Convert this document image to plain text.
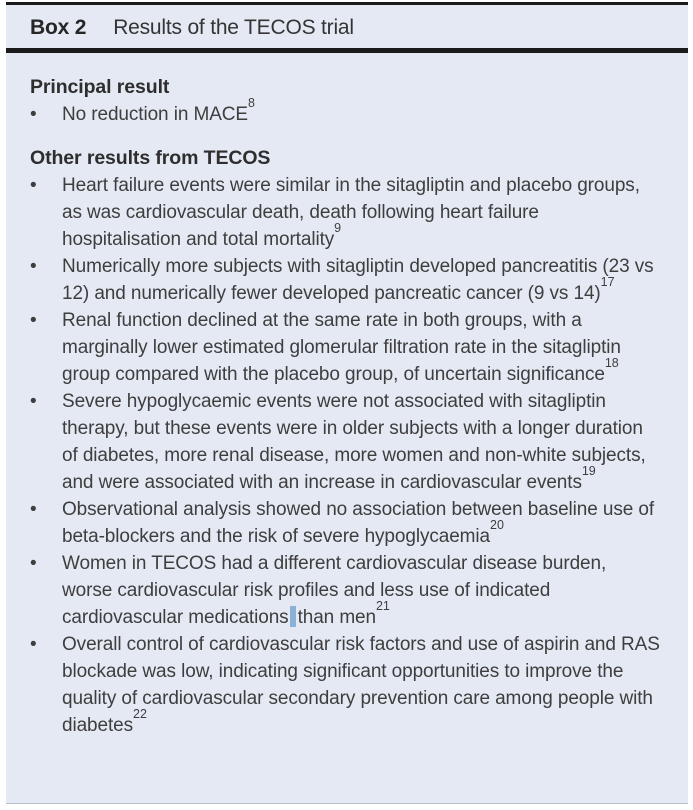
Box 2 Results of the TECOS trial
Principal result
•	No reduction in MACE$^8$
Other results from TECOS
•	Heart failure events were similar in the sitagliptin and placebo groups, as was cardiovascular death, death following heart failure hospitalisation and total mortality$^9$
•	Numerically more subjects with sitagliptin developed pancreatitis (23 vs 12) and numerically fewer developed pancreatic cancer (9 vs 14)$^{17}$
•	Renal function declined at the same rate in both groups, with a marginally lower estimated glomerular filtration rate in the sitagliptin group compared with the placebo group, of uncertain significance$^{18}$
•	Severe hypoglycaemic events were not associated with sitagliptin therapy, but these events were in older subjects with a longer duration of diabetes, more renal disease, more women and non-white subjects, and were associated with an increase in cardiovascular events$^{19}$
•	Observational analysis showed no association between baseline use of beta-blockers and the risk of severe hypoglycaemia$^{20}$
•	Women in TECOS had a different cardiovascular disease burden, worse cardiovascular risk profiles and less use of indicated cardiovascular medications than men$^{21}$
•	Overall control of cardiovascular risk factors and use of aspirin and RAS blockade was low, indicating significant opportunities to improve the quality of cardiovascular secondary prevention care among people with diabetes$^{22}$
